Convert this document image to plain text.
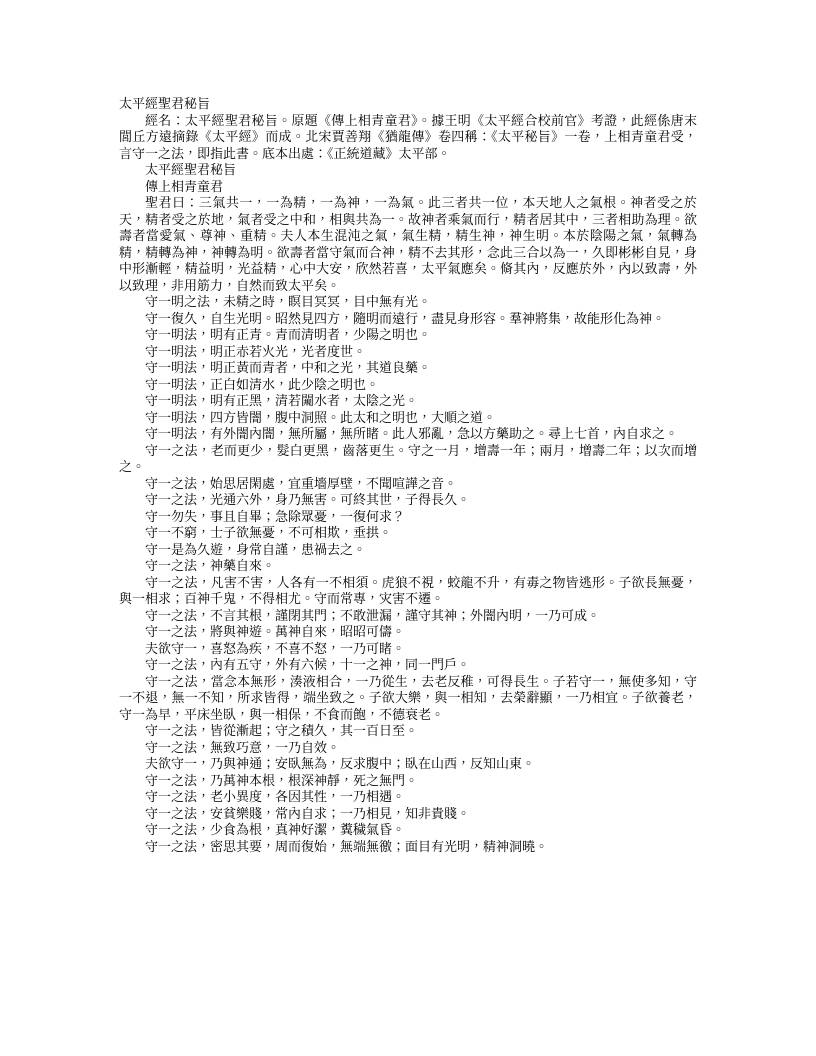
太平經聖君秘旨

經名：太平經聖君秘旨。原題《傳上相青童君》。據王明《太平經合校前官》考證，此經係唐末閭丘方遠摘錄《太平經》而成。北宋賈善翔《猶龍傳》卷四稱：《太平秘旨》一卷，上相青童君受，言守一之法，即指此書。底本出處：《正統道藏》太平部。

太平經聖君秘旨

傳上相青童君

聖君曰：三氣共一，一為精，一為神，一為氣。此三者共一位，本天地人之氣根。神者受之於天，精者受之於地，氣者受之中和，相與共為一。故神者乘氣而行，精者居其中，三者相助為理。欲壽者當愛氣、尊神、重精。夫人本生混沌之氣，氣生精，精生神，神生明。本於陰陽之氣，氣轉為精，精轉為神，神轉為明。欲壽者當守氣而合神，精不去其形，念此三合以為一，久即彬彬自見，身中形漸輕，精益明，光益精，心中大安，欣然若喜，太平氣應矣。脩其內，反應於外，內以致壽，外以致理，非用筋力，自然而致太平矣。

守一明之法，未精之時，瞑目冥冥，目中無有光。

守一復久，自生光明。昭然見四方，隨明而遠行，盡見身形容。羣神將集，故能形化為神。

守一明法，明有正青。青而清明者，少陽之明也。

守一明法，明正赤若火光，光者度世。

守一明法，明正黃而青者，中和之光，其道良藥。

守一明法，正白如清水，此少陰之明也。

守一明法，明有正黑，清若闚水者，太陰之光。

守一明法，四方皆闇，腹中洞照。此太和之明也，大順之道。

守一明法，有外闇內闇，無所屬，無所睹。此人邪亂，急以方藥助之。尋上七首，內自求之。

守一之法，老而更少，髮白更黑，齒落更生。守之一月，增壽一年；兩月，增壽二年；以次而增之。

守一之法，始思居閑處，宜重墻厚壁，不聞喧譁之音。

守一之法，光通六外，身乃無害。可終其世，子得長久。

守一勿失，事且自畢；急除眾憂，一復何求？

守一不窮，士子欲無憂，不可相欺，垂拱。

守一是為久遊，身常自謹，患禍去之。

守一之法，神藥自來。

守一之法，凡害不害，人各有一不相須。虎狼不視，蛟龍不升，有毒之物皆逃形。子欲長無憂，與一相求；百神千鬼，不得相尤。守而常專，灾害不遷。

守一之法，不言其根，謹閉其門；不敢泄漏，謹守其神；外闇內明，一乃可成。

守一之法，將與神遊。萬神自來，昭昭可儔。

夫欲守一，喜怒為疾，不喜不怒，一乃可睹。

守一之法，內有五守，外有六候，十一之神，同一門戶。

守一之法，當念本無形，湊液相合，一乃從生，去老反稚，可得長生。子若守一，無使多知，守一不退，無一不知，所求皆得，端坐致之。子欲大樂，與一相知，去榮辭顯，一乃相宜。子欲養老，守一為早，平床坐臥，與一相保，不食而飽，不德衰老。

守一之法，皆從漸起；守之積久，其一百日至。

守一之法，無致巧意，一乃自效。

夫欲守一，乃與神通；安臥無為，反求腹中；臥在山西，反知山東。

守一之法，乃萬神本根，根深神靜，死之無門。

守一之法，老小異度，各因其性，一乃相遇。

守一之法，安貧樂賤，常內自求；一乃相見，知非貴賤。

守一之法，少食為根，真神好潔，糞穢氣昏。

守一之法，密思其要，周而復始，無端無徼；面目有光明，精神洞曉。
